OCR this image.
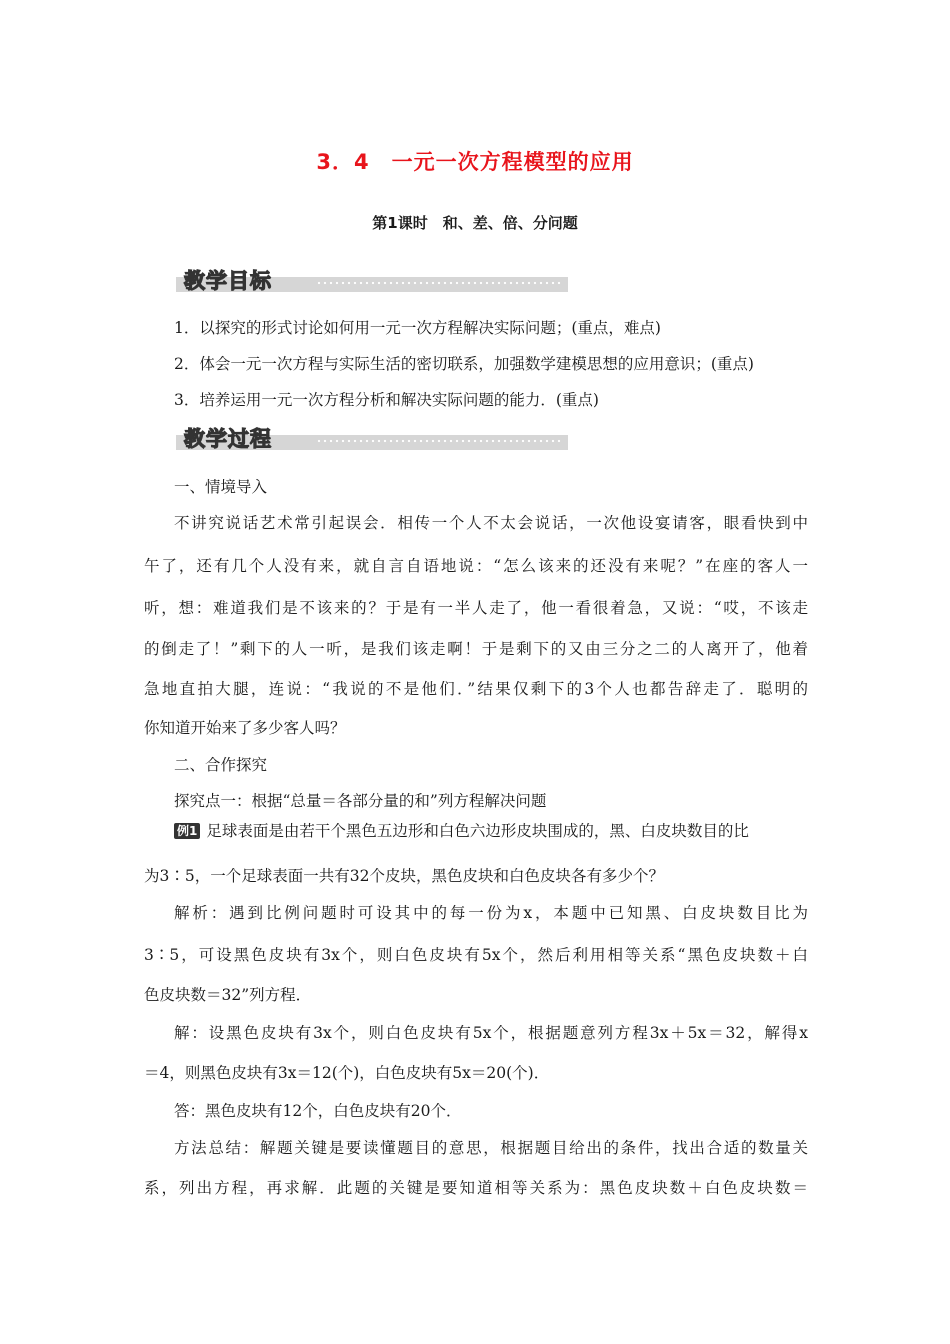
3．4　一元一次方程模型的应用
第1课时　和、差、倍、分问题
教学目标
1．以探究的形式讨论如何用一元一次方程解决实际问题；(重点，难点)
2．体会一元一次方程与实际生活的密切联系，加强数学建模思想的应用意识；(重点)
3．培养运用一元一次方程分析和解决实际问题的能力．(重点)
教学过程
一、情境导入
不讲究说话艺术常引起误会．相传一个人不太会说话，一次他设宴请客，眼看快到中
午了，还有几个人没有来，就自言自语地说：“怎么该来的还没有来呢？”在座的客人一
听，想：难道我们是不该来的？于是有一半人走了，他一看很着急，又说：“哎，不该走
的倒走了！”剩下的人一听，是我们该走啊！于是剩下的又由三分之二的人离开了，他着
急地直拍大腿，连说：“我说的不是他们．”结果仅剩下的3个人也都告辞走了．聪明的
你知道开始来了多少客人吗？
二、合作探究
探究点一：根据“总量＝各部分量的和”列方程解决问题
例1 足球表面是由若干个黑色五边形和白色六边形皮块围成的，黑、白皮块数目的比
为3∶5，一个足球表面一共有32个皮块，黑色皮块和白色皮块各有多少个？
解析：遇到比例问题时可设其中的每一份为x，本题中已知黑、白皮块数目比为
3∶5，可设黑色皮块有3x个，则白色皮块有5x个，然后利用相等关系“黑色皮块数＋白
色皮块数＝32”列方程．
解：设黑色皮块有3x个，则白色皮块有5x个，根据题意列方程3x＋5x＝32，解得x
＝4，则黑色皮块有3x＝12(个)，白色皮块有5x＝20(个)．
答：黑色皮块有12个，白色皮块有20个．
方法总结：解题关键是要读懂题目的意思，根据题目给出的条件，找出合适的数量关
系，列出方程，再求解．此题的关键是要知道相等关系为：黑色皮块数＋白色皮块数＝
